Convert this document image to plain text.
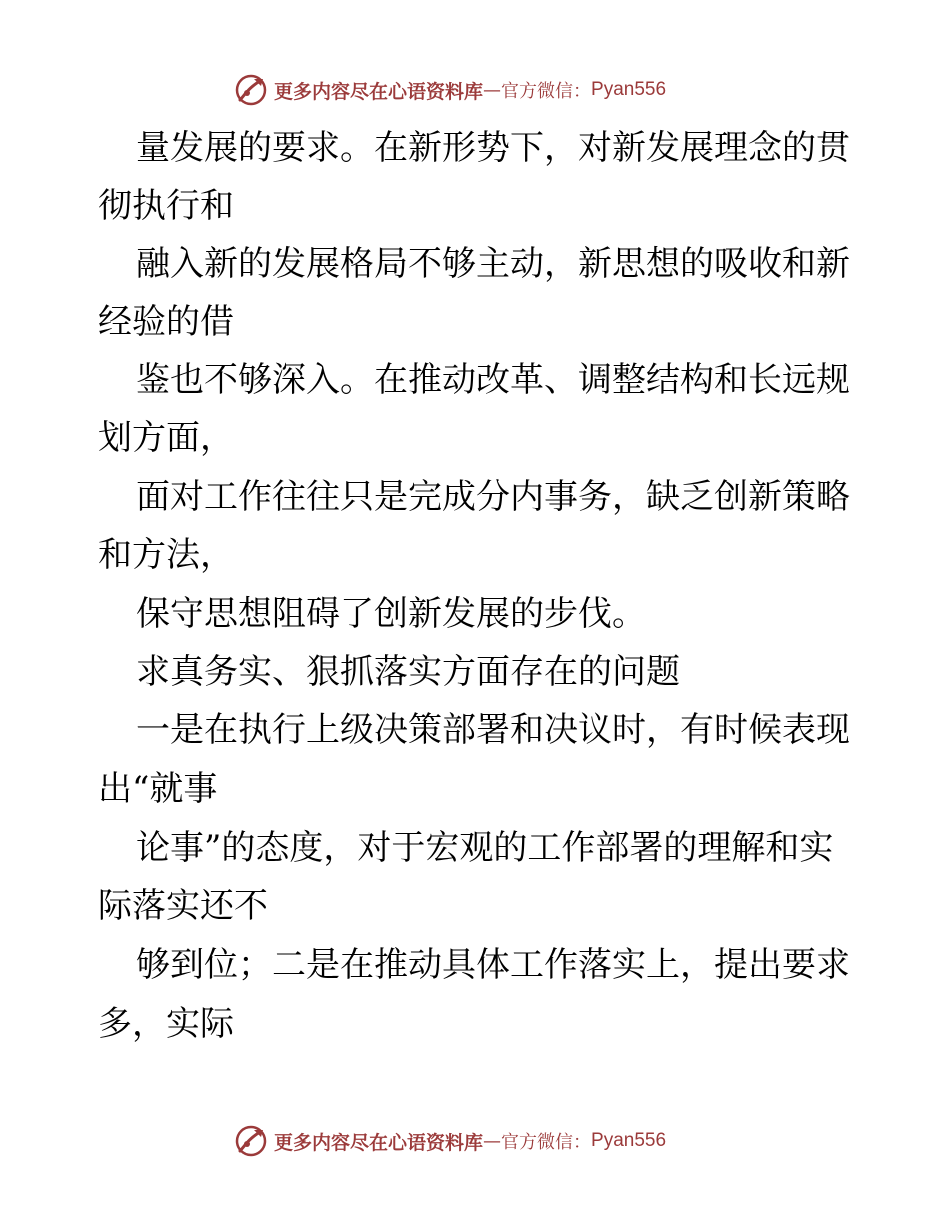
更多内容尽在心语资料库 — 官方微信： Pyan556
量发展的要求。在新形势下，对新发展理念的贯
彻执行和
融入新的发展格局不够主动，新思想的吸收和新
经验的借
鉴也不够深入。在推动改革、调整结构和长远规
划方面，
面对工作往往只是完成分内事务，缺乏创新策略
和方法，
保守思想阻碍了创新发展的步伐。
求真务实、狠抓落实方面存在的问题
一是在执行上级决策部署和决议时，有时候表现
出“就事
论事”的态度，对于宏观的工作部署的理解和实
际落实还不
够到位；二是在推动具体工作落实上，提出要求
多，实际
更多内容尽在心语资料库 — 官方微信： Pyan556
